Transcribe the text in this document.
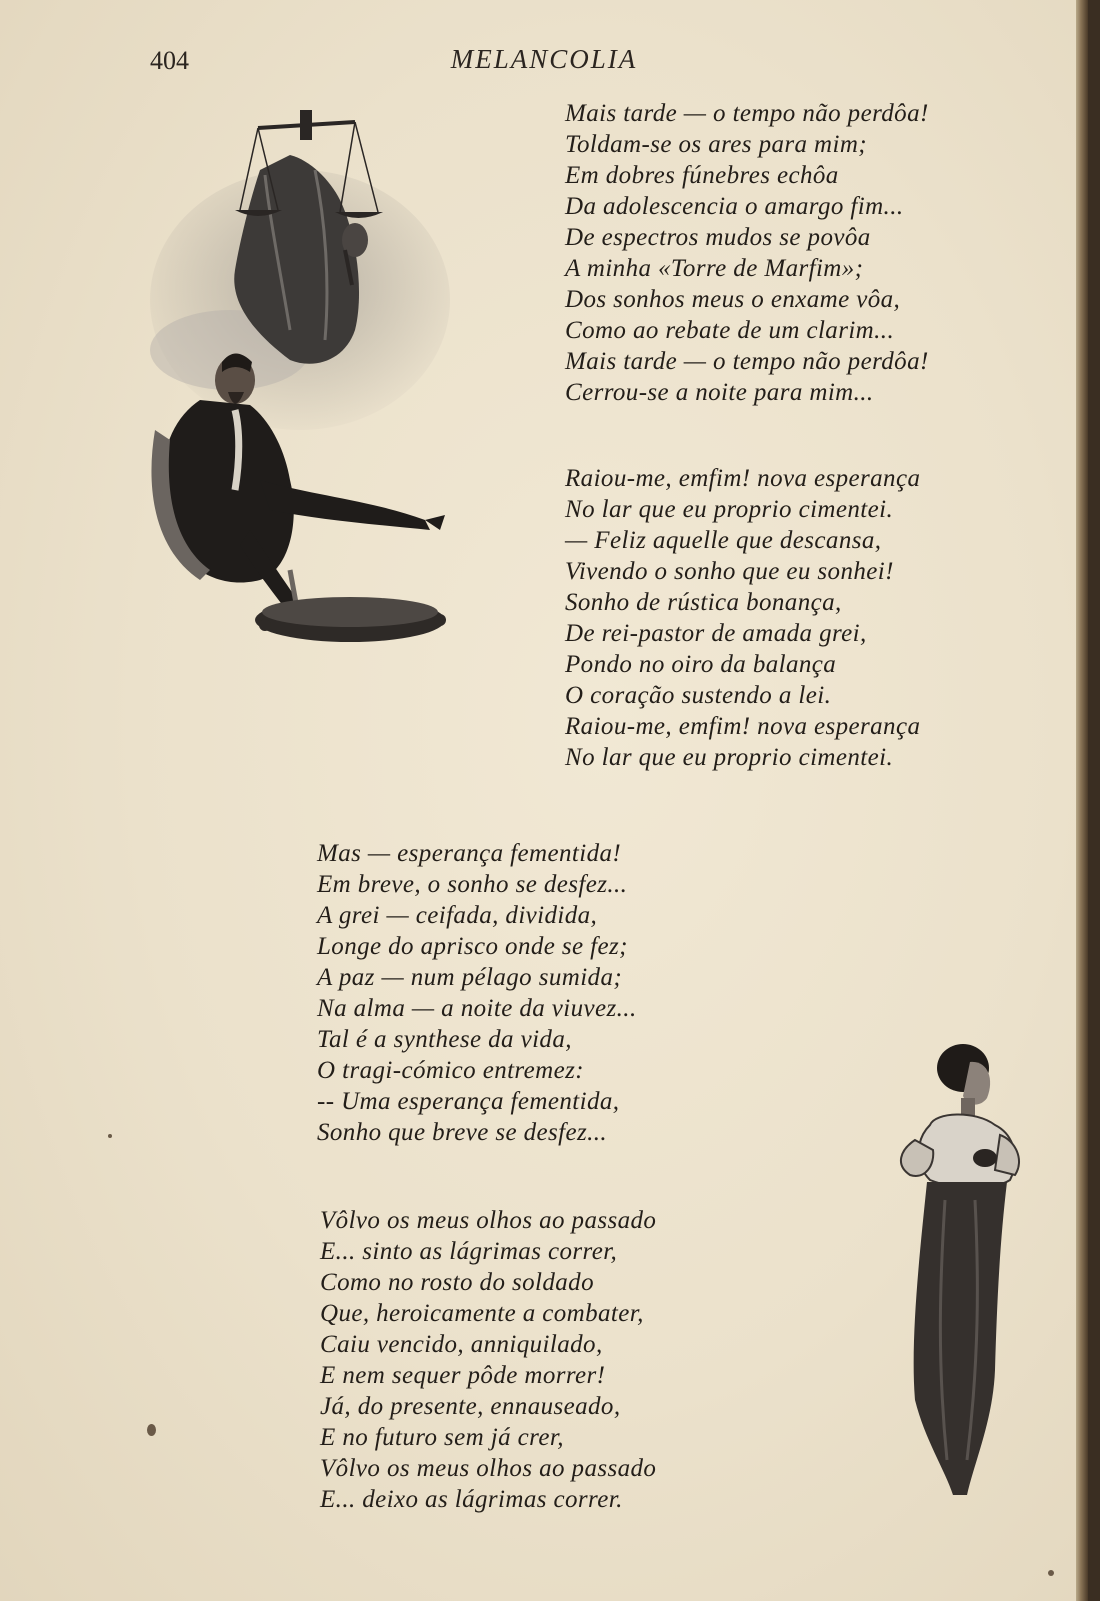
404	MELANCOLIA
Mais tarde — o tempo não perdôa!
Toldam-se os ares para mim;
Em dobres fúnebres echôa
Da adolescencia o amargo fim...
De espectros mudos se povôa
A minha «Torre de Marfim»;
Dos sonhos meus o enxame vôa,
Como ao rebate de um clarim...
Mais tarde — o tempo não perdôa!
Cerrou-se a noite para mim...
Raiou-me, emfim! nova esperança
No lar que eu proprio cimentei.
— Feliz aquelle que descansa,
Vivendo o sonho que eu sonhei!
Sonho de rústica bonança,
De rei-pastor de amada grei,
Pondo no oiro da balança
O coração sustendo a lei.
Raiou-me, emfim! nova esperança
No lar que eu proprio cimentei.
Mas — esperança fementida!
Em breve, o sonho se desfez...
A grei — ceifada, dividida,
Longe do aprisco onde se fez;
A paz — num pélago sumida;
Na alma — a noite da viuvez...
Tal é a synthese da vida,
O tragi-cómico entremez:
-- Uma esperança fementida,
Sonho que breve se desfez...
Vôlvo os meus olhos ao passado
E... sinto as lágrimas correr,
Como no rosto do soldado
Que, heroicamente a combater,
Caiu vencido, anniquilado,
E nem sequer pôde morrer!
Já, do presente, ennauseado,
E no futuro sem já crer,
Vôlvo os meus olhos ao passado
E... deixo as lágrimas correr.
